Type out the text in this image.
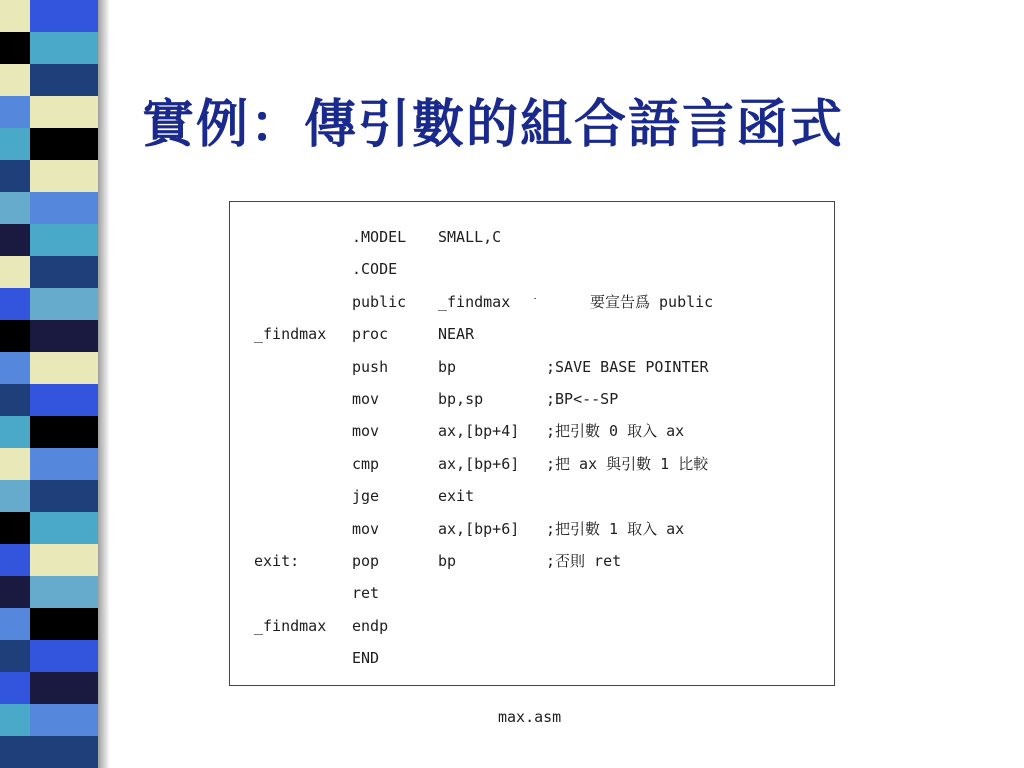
實例：傳引數的組合語言函式
.MODEL SMALL,C
.CODE
public _findmax	要宣告爲 public
_findmax proc	NEAR
push	bp	;SAVE BASE POINTER
mov	bp,sp	;BP<--SP
mov	ax,[bp+4] ;把引數 0 取入 ax
cmp	ax,[bp+6] ;把 ax 與引數 1 比較
jge	exit
mov	ax,[bp+6] ;把引數 1 取入 ax
exit:	pop	bp	;否則 ret
ret
_findmax endp
END
max.asm
